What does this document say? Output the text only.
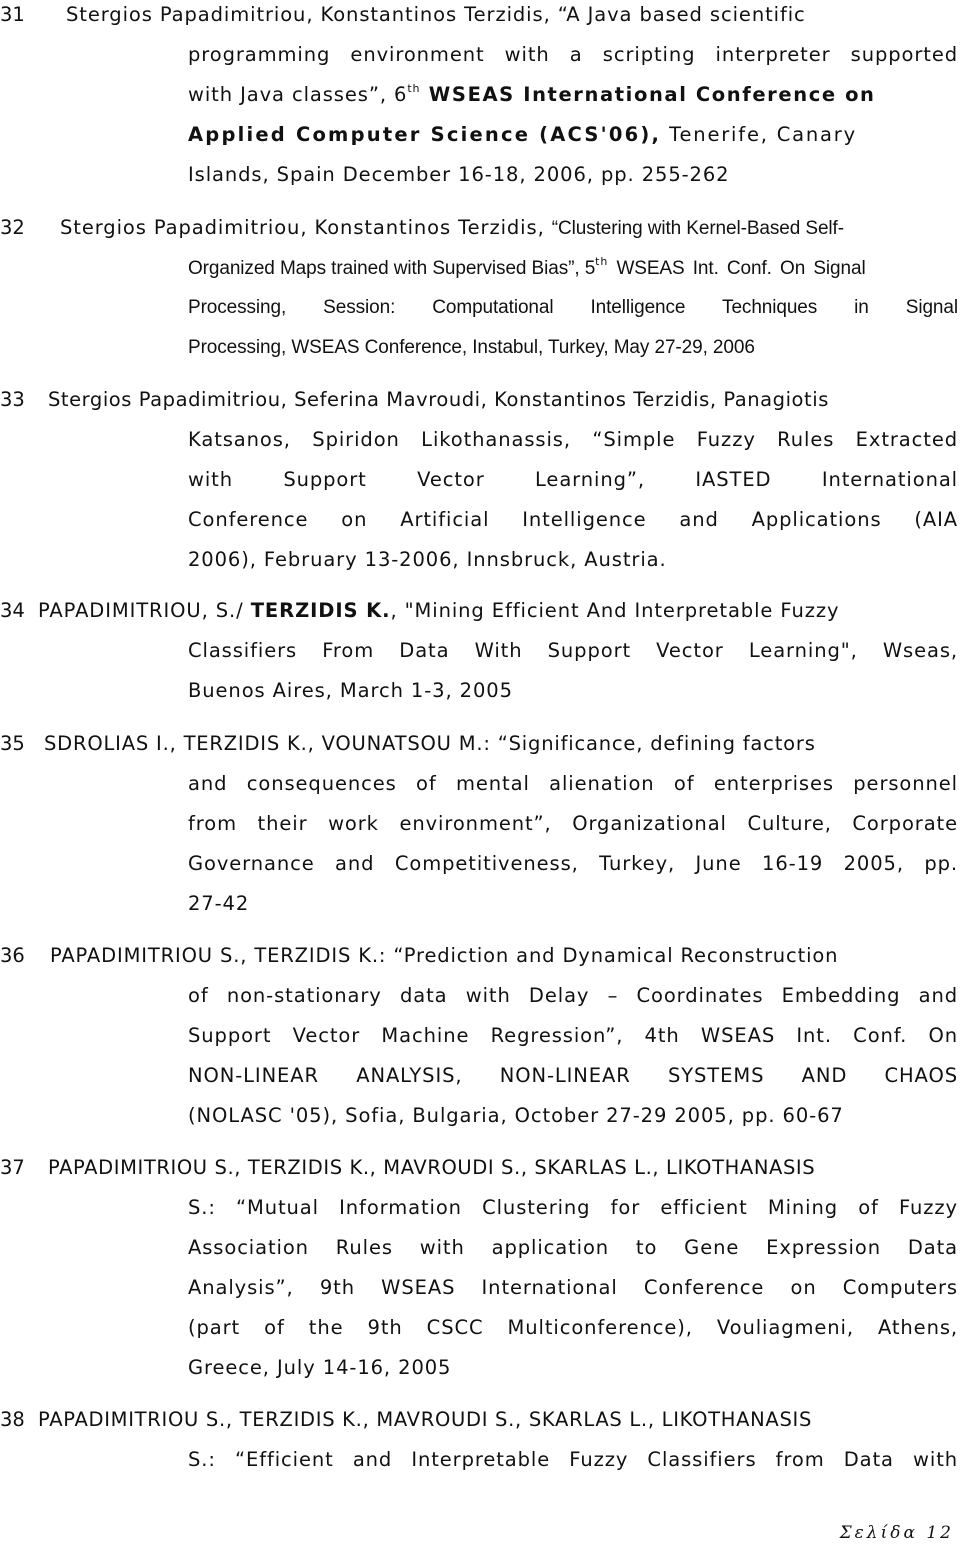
31 Stergios Papadimitriou, Konstantinos Terzidis, “A Java based scientific
programming environment with a scripting interpreter supported
with Java classes”, 6th WSEAS International Conference on
Applied Computer Science (ACS'06), Tenerife, Canary
Islands, Spain December 16-18, 2006, pp. 255-262
32 Stergios Papadimitriou, Konstantinos Terzidis, “Clustering with Kernel-Based Self-
Organized Maps trained with Supervised Bias”, 5th WSEAS Int. Conf. On Signal
Processing, Session: Computational Intelligence Techniques in Signal
Processing, WSEAS Conference, Instabul, Turkey, May 27-29, 2006
33 Stergios Papadimitriou, Seferina Mavroudi, Konstantinos Terzidis, Panagiotis
Katsanos, Spiridon Likothanassis, “Simple Fuzzy Rules Extracted
with Support Vector Learning”, IASTED International
Conference on Artificial Intelligence and Applications (AIA
2006), February 13-2006, Innsbruck, Austria.
34 PAPADIMITRIOU, S./ TERZIDIS K., "Mining Efficient And Interpretable Fuzzy
Classifiers From Data With Support Vector Learning", Wseas,
Buenos Aires, March 1-3, 2005
35 SDROLIAS I., TERZIDIS K., VOUNATSOU M.: “Significance, defining factors
and consequences of mental alienation of enterprises personnel
from their work environment”, Organizational Culture, Corporate
Governance and Competitiveness, Turkey, June 16-19 2005, pp.
27-42
36 PAPADIMITRIOU S., TERZIDIS K.: “Prediction and Dynamical Reconstruction
of non-stationary data with Delay – Coordinates Embedding and
Support Vector Machine Regression”, 4th WSEAS Int. Conf. On
NON-LINEAR ANALYSIS, NON-LINEAR SYSTEMS AND CHAOS
(NOLASC '05), Sofia, Bulgaria, October 27-29 2005, pp. 60-67
37 PAPADIMITRIOU S., TERZIDIS K., MAVROUDI S., SKARLAS L., LIKOTHANASIS
S.: “Mutual Information Clustering for efficient Mining of Fuzzy
Association Rules with application to Gene Expression Data
Analysis”, 9th WSEAS International Conference on Computers
(part of the 9th CSCC Multiconference), Vouliagmeni, Athens,
Greece, July 14-16, 2005
38 PAPADIMITRIOU S., TERZIDIS K., MAVROUDI S., SKARLAS L., LIKOTHANASIS
S.: “Efficient and Interpretable Fuzzy Classifiers from Data with
Σελίδα 12
